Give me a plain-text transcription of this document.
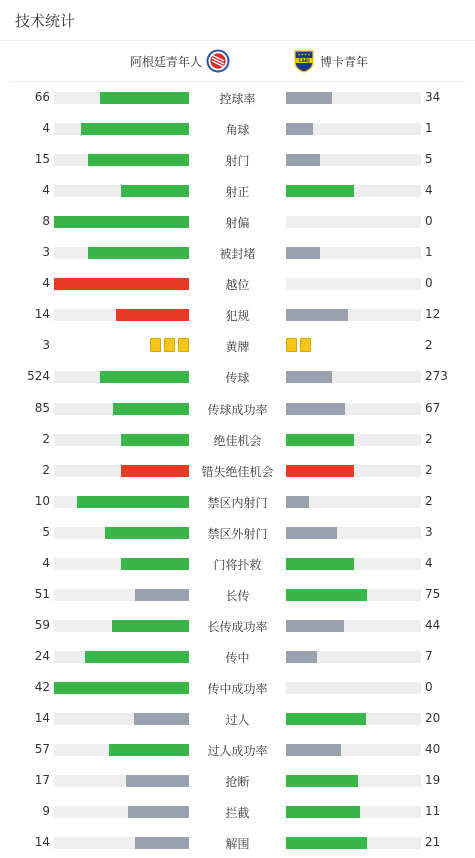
技术统计
阿根廷青年人	CABJ 博卡青年
66	控球率	34
4	角球	1
15	射门	5
4	射正	4
8	射偏	0
3	被封堵	1
4	越位	0
14	犯规	12
3	黄牌	2
524	传球	273
85	传球成功率	67
2	绝佳机会	2
2	错失绝佳机会	2
10	禁区内射门	2
5	禁区外射门	3
4	门将扑救	4
51	长传	75
59	长传成功率	44
24	传中	7
42	传中成功率	0
14	过人	20
57	过人成功率	40
17	抢断	19
9	拦截	11
14	解围	21
